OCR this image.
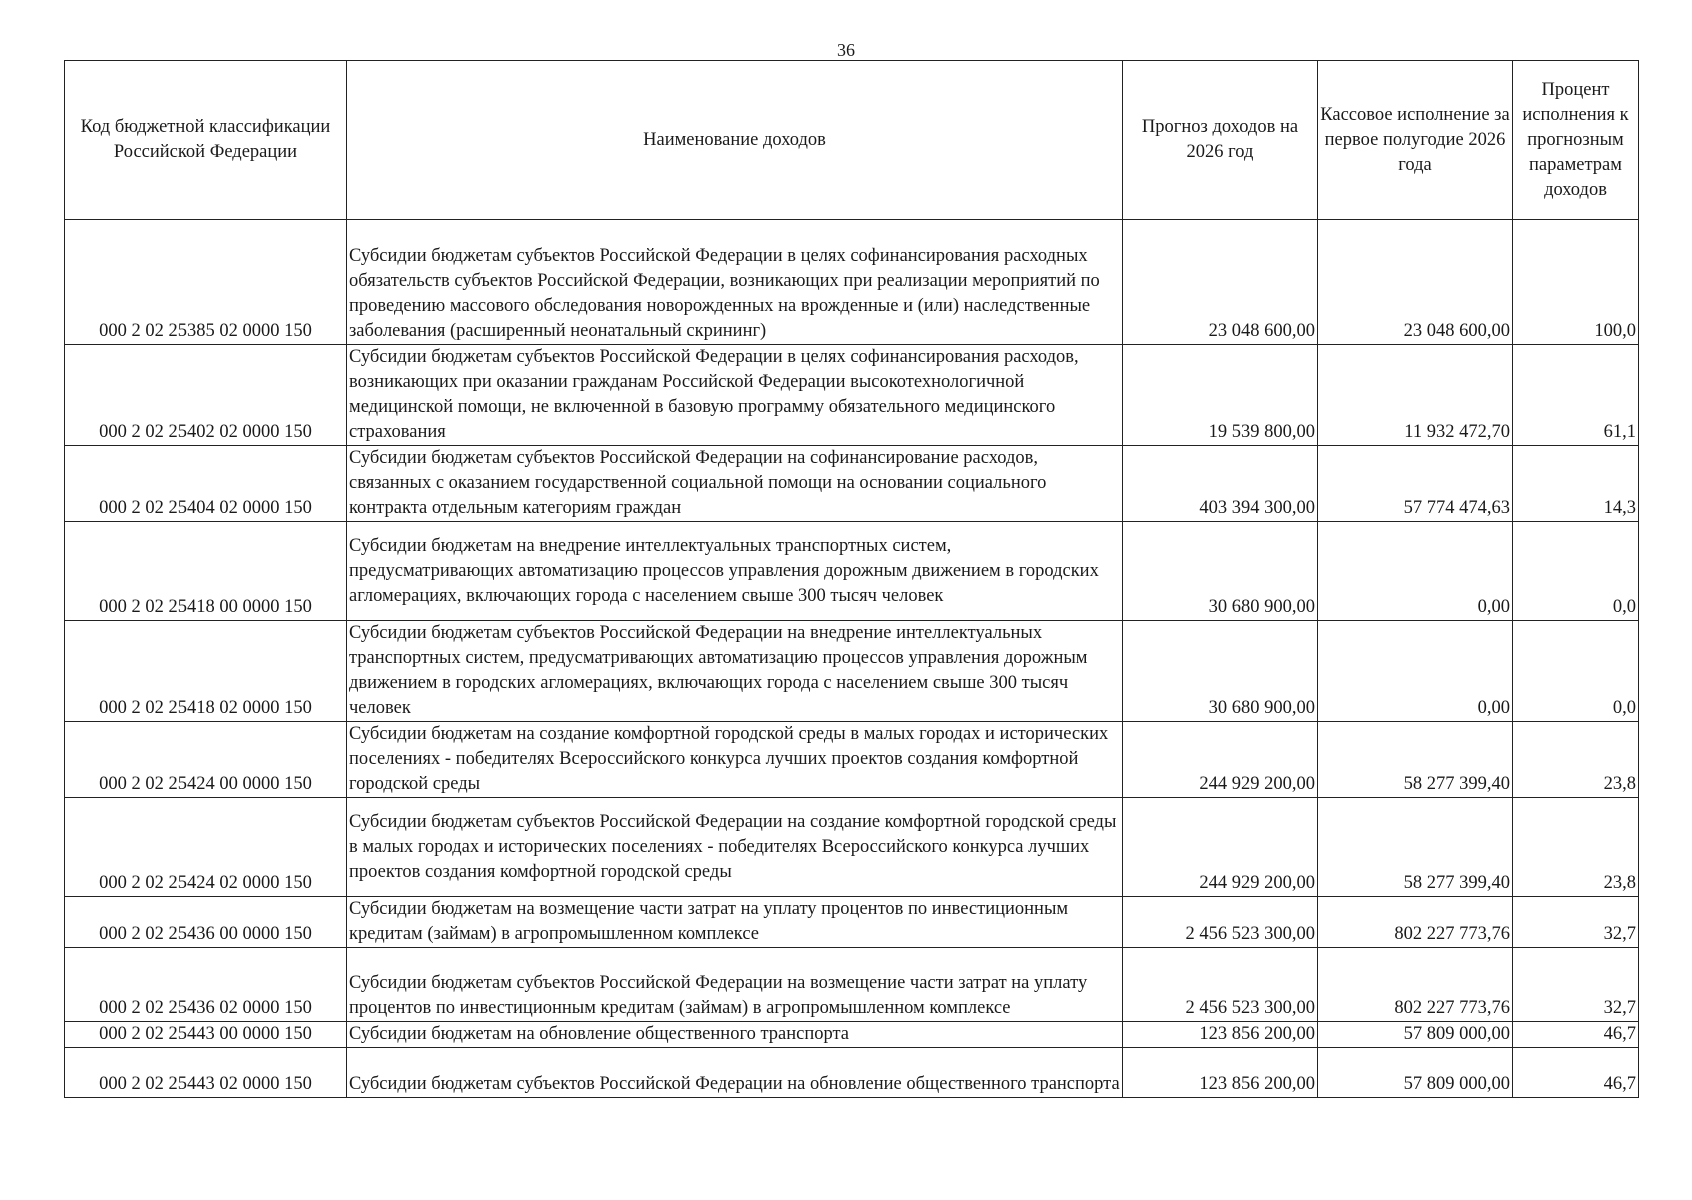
36
Код бюджетной классификации Российской Федерации	Наименование доходов	Прогноз доходов на 2026 год	Кассовое исполнение за первое полугодие 2026 года	Процент исполнения к прогнозным параметрам доходов
000 2 02 25385 02 0000 150	Субсидии бюджетам субъектов Российской Федерации в целях софинансирования расходных обязательств субъектов Российской Федерации, возникающих при реализации мероприятий по проведению массового обследования новорожденных на врожденные и (или) наследственные заболевания (расширенный неонатальный скрининг)	23 048 600,00	23 048 600,00	100,0
000 2 02 25402 02 0000 150	Субсидии бюджетам субъектов Российской Федерации в целях софинансирования расходов, возникающих при оказании гражданам Российской Федерации высокотехнологичной медицинской помощи, не включенной в базовую программу обязательного медицинского страхования	19 539 800,00	11 932 472,70	61,1
000 2 02 25404 02 0000 150	Субсидии бюджетам субъектов Российской Федерации на софинансирование расходов, связанных с оказанием государственной социальной помощи на основании социального контракта отдельным категориям граждан	403 394 300,00	57 774 474,63	14,3
000 2 02 25418 00 0000 150	Субсидии бюджетам на внедрение интеллектуальных транспортных систем, предусматривающих автоматизацию процессов управления дорожным движением в городских агломерациях, включающих города с населением свыше 300 тысяч человек	30 680 900,00	0,00	0,0
000 2 02 25418 02 0000 150	Субсидии бюджетам субъектов Российской Федерации на внедрение интеллектуальных транспортных систем, предусматривающих автоматизацию процессов управления дорожным движением в городских агломерациях, включающих города с населением свыше 300 тысяч человек	30 680 900,00	0,00	0,0
000 2 02 25424 00 0000 150	Субсидии бюджетам на создание комфортной городской среды в малых городах и исторических поселениях - победителях Всероссийского конкурса лучших проектов создания комфортной городской среды	244 929 200,00	58 277 399,40	23,8
000 2 02 25424 02 0000 150	Субсидии бюджетам субъектов Российской Федерации на создание комфортной городской среды в малых городах и исторических поселениях - победителях Всероссийского конкурса лучших проектов создания комфортной городской среды	244 929 200,00	58 277 399,40	23,8
000 2 02 25436 00 0000 150	Субсидии бюджетам на возмещение части затрат на уплату процентов по инвестиционным кредитам (займам) в агропромышленном комплексе	2 456 523 300,00	802 227 773,76	32,7
000 2 02 25436 02 0000 150	Субсидии бюджетам субъектов Российской Федерации на возмещение части затрат на уплату процентов по инвестиционным кредитам (займам) в агропромышленном комплексе	2 456 523 300,00	802 227 773,76	32,7
000 2 02 25443 00 0000 150	Субсидии бюджетам на обновление общественного транспорта	123 856 200,00	57 809 000,00	46,7
000 2 02 25443 02 0000 150	Субсидии бюджетам субъектов Российской Федерации на обновление общественного транспорта	123 856 200,00	57 809 000,00	46,7
